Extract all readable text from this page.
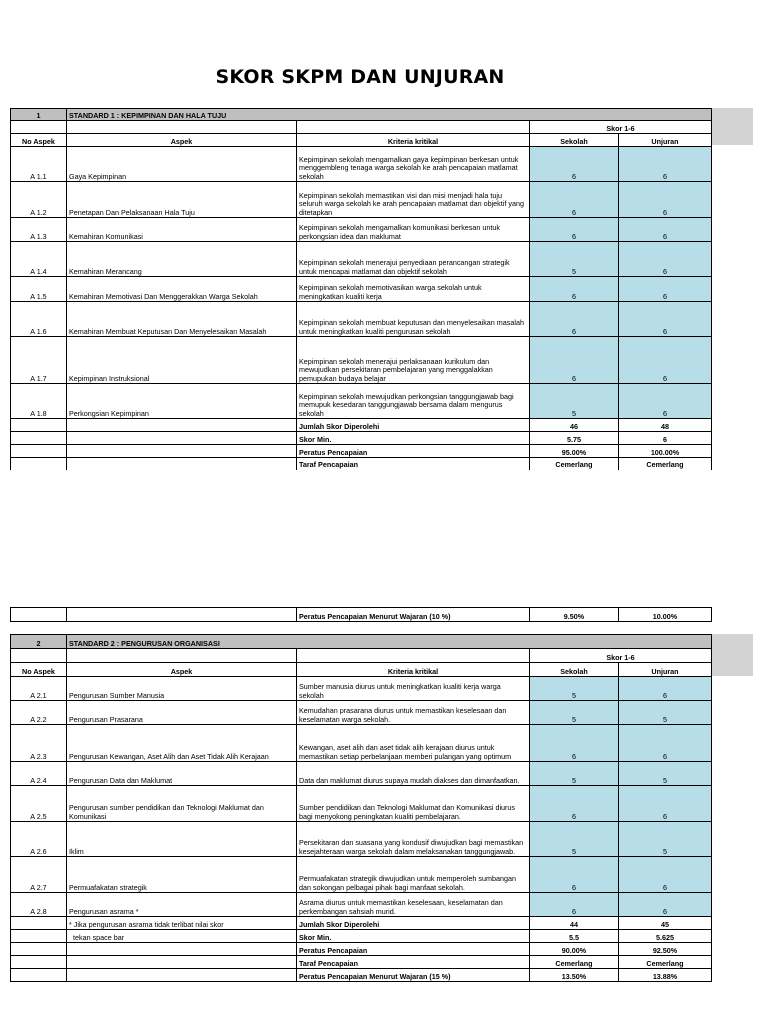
SKOR SKPM DAN UNJURAN
1	STANDARD 1 : KEPIMPINAN DAN HALA TUJU			
			Skor 1-6	
No Aspek	Aspek	Kriteria kritikal	Sekolah	Unjuran
A 1.1	Gaya Kepimpinan	Kepimpinan sekolah mengamalkan gaya kepimpinan berkesan untuk menggembleng tenaga warga sekolah ke arah pencapaian matlamat sekolah	6	6
A 1.2	Penetapan Dan Pelaksanaan Hala Tuju	Kepimpinan sekolah memastikan visi dan misi menjadi hala tuju seluruh warga sekolah ke arah pencapaian matlamat dan objektif yang ditetapkan	6	6
A 1.3	Kemahiran Komunikasi	Kepimpinan sekolah mengamalkan komunikasi berkesan untuk perkongsian idea dan maklumat	6	6
A 1.4	Kemahiran Merancang	Kepimpinan sekolah menerajui penyediaan perancangan strategik untuk mencapai matlamat dan objektif sekolah	5	6
A 1.5	Kemahiran Memotivasi Dan Menggerakkan Warga Sekolah	Kepimpinan sekolah memotivasikan warga sekolah untuk meningkatkan kualiti kerja	6	6
A 1.6	Kemahiran Membuat Keputusan Dan Menyelesaikan Masalah	Kepimpinan sekolah membuat keputusan dan menyelesaikan masalah untuk meningkatkan kualiti pengurusan sekolah	6	6
A 1.7	Kepimpinan Instruksional	Kepimpinan sekolah menerajui perlaksanaan kurikulum dan mewujudkan persekitaran pembelajaran yang menggalakkan pemupukan budaya belajar	6	6
A 1.8	Perkongsian Kepimpinan	Kepimpinan sekolah mewujudkan perkongsian tanggungjawab bagi memupuk kesedaran tanggungjawab bersama dalam mengurus sekolah	5	6
		Jumlah Skor Diperolehi	46	48
		Skor Min.	5.75	6
		Peratus Pencapaian	95.00%	100.00%
		Taraf Pencapaian	Cemerlang	Cemerlang
		Peratus Pencapaian Menurut Wajaran (10 %)	9.50%	10.00%
2	STANDARD 2 : PENGURUSAN ORGANISASI			
			Skor 1-6	
No Aspek	Aspek	Kriteria kritikal	Sekolah	Unjuran
A 2.1	Pengurusan Sumber Manusia	Sumber manusia diurus untuk meningkatkan kualiti kerja warga sekolah	5	6
A 2.2	Pengurusan Prasarana	Kemudahan prasarana diurus untuk memastikan keselesaan dan keselamatan warga sekolah.	5	5
A 2.3	Pengurusan Kewangan, Aset Alih dan Aset Tidak Alih Kerajaan	Kewangan, aset alih dan aset tidak alih kerajaan diurus untuk memastikan setiap perbelanjaan memberi pulangan yang optimum	6	6
A 2.4	Pengurusan Data dan Maklumat	Data dan maklumat diurus supaya mudah diakses dan dimanfaatkan.	5	5
A 2.5	Pengurusan sumber pendidikan dan Teknologi Maklumat dan Komunikasi	Sumber pendidikan dan Teknologi Maklumat dan Komunikasi diurus bagi menyokong peningkatan kualiti pembelajaran.	6	6
A 2.6	Iklim	Persekitaran dan suasana yang kondusif diwujudkan bagi memastikan kesejahteraan warga sekolah dalam melaksanakan tanggungjawab.	5	5
A 2.7	Permuafakatan strategik	Permuafakatan strategik diwujudkan untuk memperoleh sumbangan dan sokongan pelbagai pihak bagi manfaat sekolah.	6	6
A 2.8	Pengurusan asrama *	Asrama diurus untuk memastikan keselesaan, keselamatan dan perkembangan sahsiah murid.	6	6
	* Jika pengurusan asrama tidak terlibat nilai skor	Jumlah Skor Diperolehi	44	45
	tekan space bar	Skor Min.	5.5	5.625
		Peratus Pencapaian	90.00%	92.50%
		Taraf Pencapaian	Cemerlang	Cemerlang
		Peratus Pencapaian Menurut Wajaran (15 %)	13.50%	13.88%
